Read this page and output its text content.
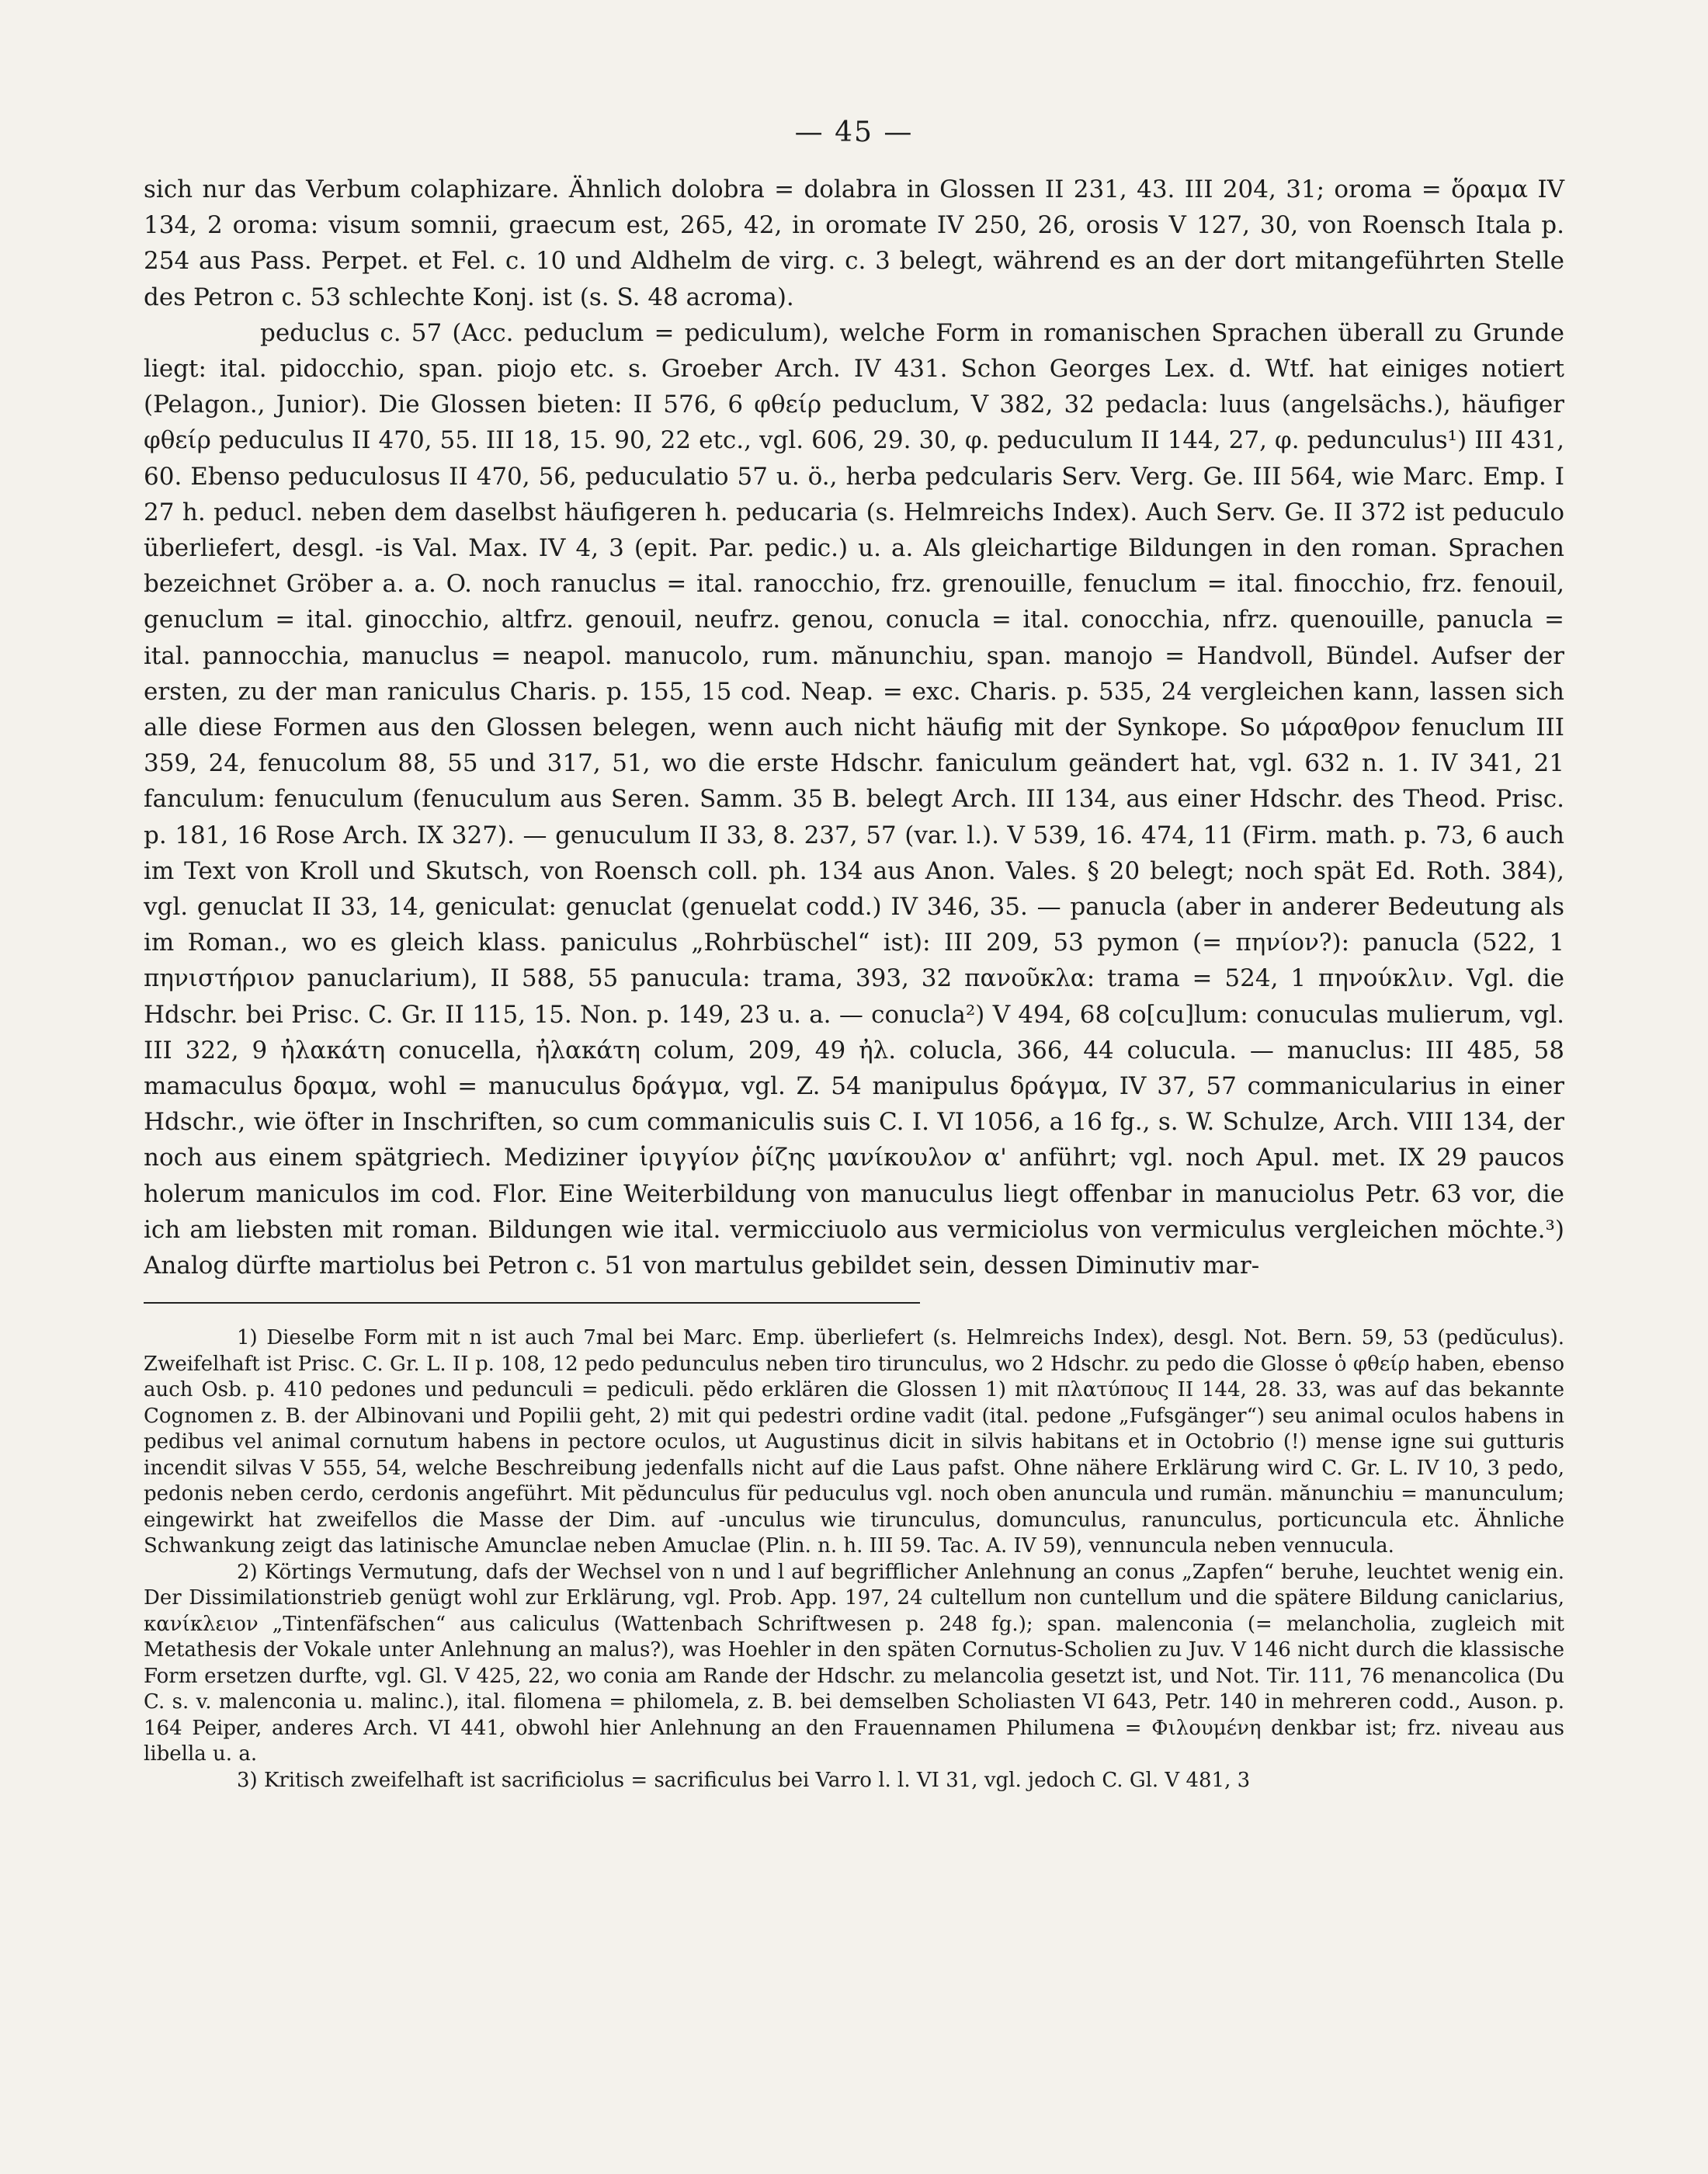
— 45 —

sich nur das Verbum colaphizare. Ähnlich dolobra = dolabra in Glossen II 231, 43. III 204, 31; oroma = ὅραμα IV 134, 2 oroma: visum somnii, graecum est, 265, 42, in oromate IV 250, 26, orosis V 127, 30, von Roensch Itala p. 254 aus Pass. Perpet. et Fel. c. 10 und Aldhelm de virg. c. 3 belegt, während es an der dort mitangeführten Stelle des Petron c. 53 schlechte Konj. ist (s. S. 48 acroma).

peduclus c. 57 (Acc. peduclum = pediculum), welche Form in romanischen Sprachen überall zu Grunde liegt: ital. pidocchio, span. piojo etc. s. Groeber Arch. IV 431. Schon Georges Lex. d. Wtf. hat einiges notiert (Pelagon., Junior). Die Glossen bieten: II 576, 6 φθείρ peduclum, V 382, 32 pedacla: luus (angelsächs.), häufiger φθείρ peduculus II 470, 55. III 18, 15. 90, 22 etc., vgl. 606, 29. 30, φ. peduculum II 144, 27, φ. pedunculus¹) III 431, 60. Ebenso peduculosus II 470, 56, peduculatio 57 u. ö., herba pedcularis Serv. Verg. Ge. III 564, wie Marc. Emp. I 27 h. peducl. neben dem daselbst häufigeren h. peducaria (s. Helmreichs Index). Auch Serv. Ge. II 372 ist peduculo überliefert, desgl. -is Val. Max. IV 4, 3 (epit. Par. pedic.) u. a. Als gleichartige Bildungen in den roman. Sprachen bezeichnet Gröber a. a. O. noch ranuclus = ital. ranocchio, frz. grenouille, fenuclum = ital. finocchio, frz. fenouil, genuclum = ital. ginocchio, altfrz. genouil, neufrz. genou, conucla = ital. conocchia, nfrz. quenouille, panucla = ital. pannocchia, manuclus = neapol. manucolo, rum. mănunchiu, span. manojo = Handvoll, Bündel. Aufser der ersten, zu der man raniculus Charis. p. 155, 15 cod. Neap. = exc. Charis. p. 535, 24 vergleichen kann, lassen sich alle diese Formen aus den Glossen belegen, wenn auch nicht häufig mit der Synkope. So μάραθρον fenuclum III 359, 24, fenucolum 88, 55 und 317, 51, wo die erste Hdschr. faniculum geändert hat, vgl. 632 n. 1. IV 341, 21 fanculum: fenuculum (fenuculum aus Seren. Samm. 35 B. belegt Arch. III 134, aus einer Hdschr. des Theod. Prisc. p. 181, 16 Rose Arch. IX 327). — genuculum II 33, 8. 237, 57 (var. l.). V 539, 16. 474, 11 (Firm. math. p. 73, 6 auch im Text von Kroll und Skutsch, von Roensch coll. ph. 134 aus Anon. Vales. § 20 belegt; noch spät Ed. Roth. 384), vgl. genuclat II 33, 14, geniculat: genuclat (genuelat codd.) IV 346, 35. — panucla (aber in anderer Bedeutung als im Roman., wo es gleich klass. paniculus „Rohrbüschel“ ist): III 209, 53 pymon (= πηνίον?): panucla (522, 1 πηνιστήριον panuclarium), II 588, 55 panucula: trama, 393, 32 πανοῦκλα: trama = 524, 1 πηνούκλιν. Vgl. die Hdschr. bei Prisc. C. Gr. II 115, 15. Non. p. 149, 23 u. a. — conucla²) V 494, 68 co[cu]lum: conuculas mulierum, vgl. III 322, 9 ἠλακάτη conucella, ἠλακάτη colum, 209, 49 ἠλ. colucla, 366, 44 colucula. — manuclus: III 485, 58 mamaculus δραμα, wohl = manuculus δράγμα, vgl. Z. 54 manipulus δράγμα, IV 37, 57 commanicularius in einer Hdschr., wie öfter in Inschriften, so cum commaniculis suis C. I. VI 1056, a 16 fg., s. W. Schulze, Arch. VIII 134, der noch aus einem spätgriech. Mediziner ἱριγγίον ῥίζης μανίκουλον α' anführt; vgl. noch Apul. met. IX 29 paucos holerum maniculos im cod. Flor. Eine Weiterbildung von manuculus liegt offenbar in manuciolus Petr. 63 vor, die ich am liebsten mit roman. Bildungen wie ital. vermicciuolo aus vermiciolus von vermiculus vergleichen möchte.³) Analog dürfte martiolus bei Petron c. 51 von martulus gebildet sein, dessen Diminutiv mar-

1) Dieselbe Form mit n ist auch 7mal bei Marc. Emp. überliefert (s. Helmreichs Index), desgl. Not. Bern. 59, 53 (pedŭculus). Zweifelhaft ist Prisc. C. Gr. L. II p. 108, 12 pedo pedunculus neben tiro tirunculus, wo 2 Hdschr. zu pedo die Glosse ὁ φθείρ haben, ebenso auch Osb. p. 410 pedones und pedunculi = pediculi. pĕdo erklären die Glossen 1) mit πλατύπους II 144, 28. 33, was auf das bekannte Cognomen z. B. der Albinovani und Popilii geht, 2) mit qui pedestri ordine vadit (ital. pedone „Fufsgänger“) seu animal oculos habens in pedibus vel animal cornutum habens in pectore oculos, ut Augustinus dicit in silvis habitans et in Octobrio (!) mense igne sui gutturis incendit silvas V 555, 54, welche Beschreibung jedenfalls nicht auf die Laus pafst. Ohne nähere Erklärung wird C. Gr. L. IV 10, 3 pedo, pedonis neben cerdo, cerdonis angeführt. Mit pĕdunculus für peduculus vgl. noch oben anuncula und rumän. mănunchiu = manunculum; eingewirkt hat zweifellos die Masse der Dim. auf -unculus wie tirunculus, domunculus, ranunculus, porticuncula etc. Ähnliche Schwankung zeigt das latinische Amunclae neben Amuclae (Plin. n. h. III 59. Tac. A. IV 59), vennuncula neben vennucula.

2) Körtings Vermutung, dafs der Wechsel von n und l auf begrifflicher Anlehnung an conus „Zapfen“ beruhe, leuchtet wenig ein. Der Dissimilationstrieb genügt wohl zur Erklärung, vgl. Prob. App. 197, 24 cultellum non cuntellum und die spätere Bildung caniclarius, κανίκλειον „Tintenfäfschen“ aus caliculus (Wattenbach Schriftwesen p. 248 fg.); span. malenconia (= melancholia, zugleich mit Metathesis der Vokale unter Anlehnung an malus?), was Hoehler in den späten Cornutus-Scholien zu Juv. V 146 nicht durch die klassische Form ersetzen durfte, vgl. Gl. V 425, 22, wo conia am Rande der Hdschr. zu melancolia gesetzt ist, und Not. Tir. 111, 76 menancolica (Du C. s. v. malenconia u. malinc.), ital. filomena = philomela, z. B. bei demselben Scholiasten VI 643, Petr. 140 in mehreren codd., Auson. p. 164 Peiper, anderes Arch. VI 441, obwohl hier Anlehnung an den Frauennamen Philumena = Φιλουμένη denkbar ist; frz. niveau aus libella u. a.

3) Kritisch zweifelhaft ist sacrificiolus = sacrificulus bei Varro l. l. VI 31, vgl. jedoch C. Gl. V 481, 3
